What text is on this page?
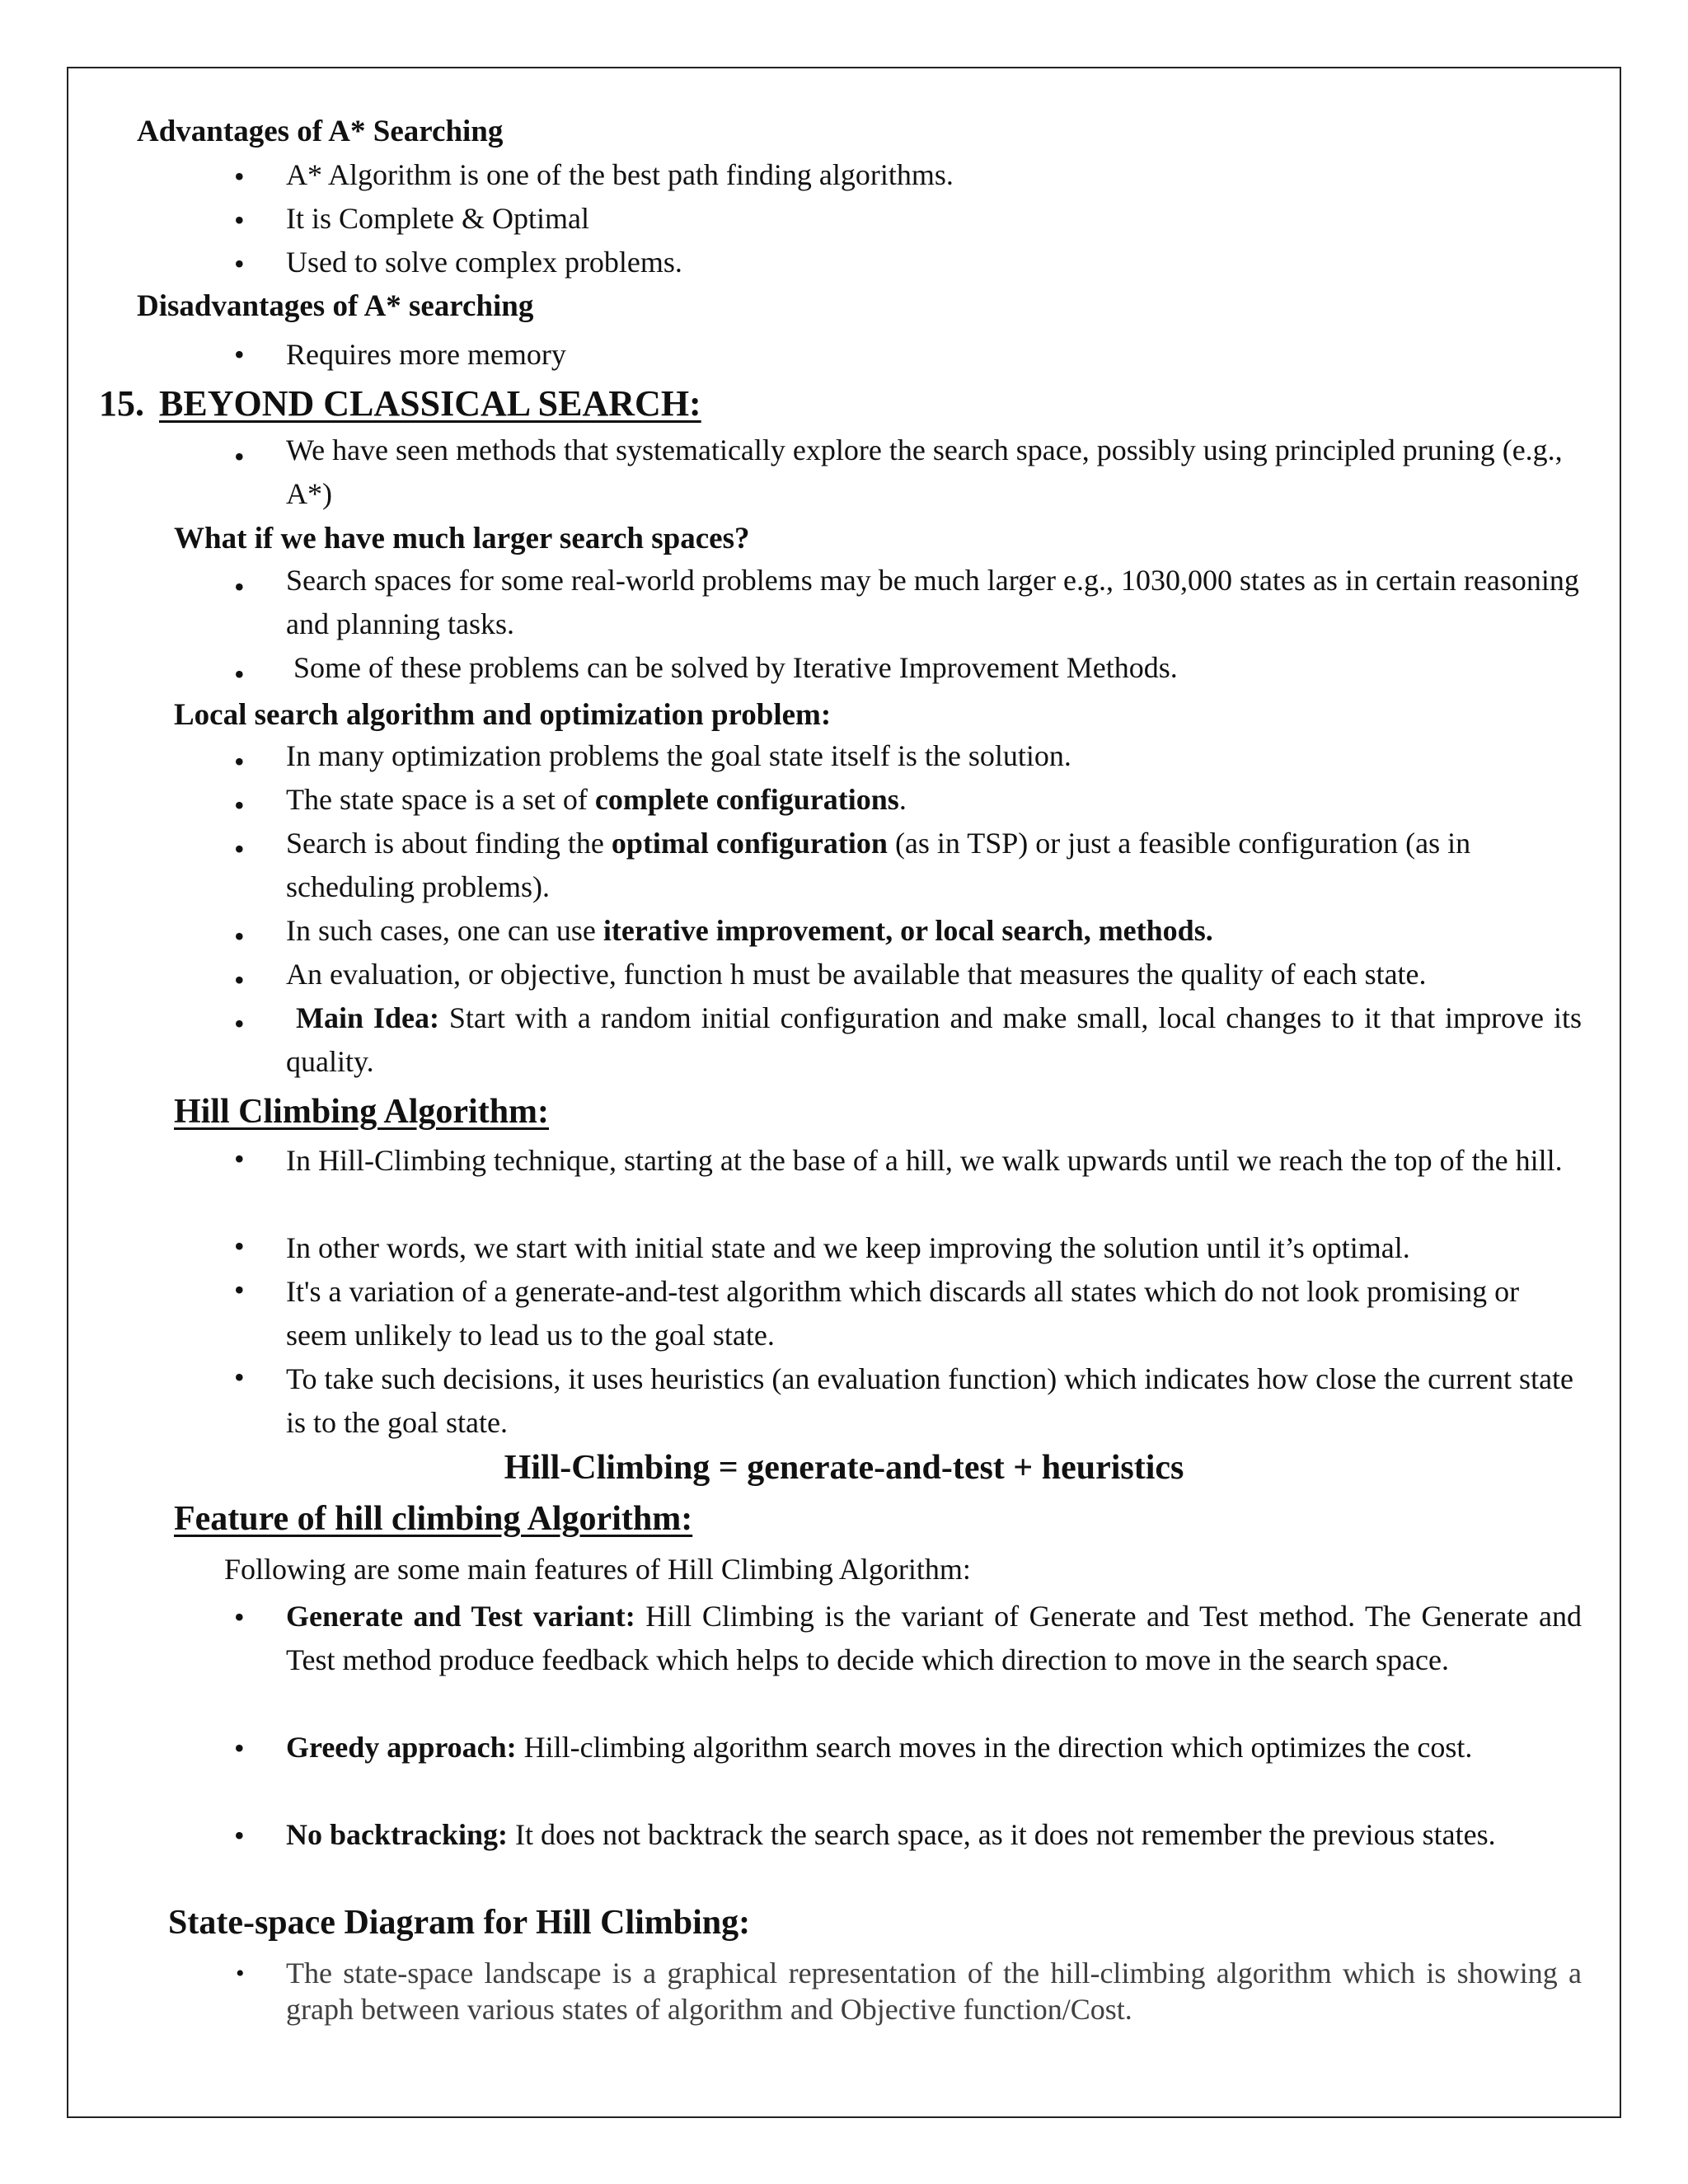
Advantages of A* Searching
• A* Algorithm is one of the best path finding algorithms.
• It is Complete & Optimal
• Used to solve complex problems.
Disadvantages of A* searching
• Requires more memory
15. BEYOND CLASSICAL SEARCH:
• We have seen methods that systematically explore the search space, possibly using principled pruning (e.g., A*)
What if we have much larger search spaces?
• Search spaces for some real-world problems may be much larger e.g., 1030,000 states as in certain reasoning and planning tasks.
• Some of these problems can be solved by Iterative Improvement Methods.
Local search algorithm and optimization problem:
• In many optimization problems the goal state itself is the solution.
• The state space is a set of complete configurations.
• Search is about finding the optimal configuration (as in TSP) or just a feasible configuration (as in scheduling problems).
• In such cases, one can use iterative improvement, or local search, methods.
• An evaluation, or objective, function h must be available that measures the quality of each state.
• Main Idea: Start with a random initial configuration and make small, local changes to it that improve its quality.
Hill Climbing Algorithm:
• In Hill-Climbing technique, starting at the base of a hill, we walk upwards until we reach the top of the hill.
• In other words, we start with initial state and we keep improving the solution until it’s optimal.
• It's a variation of a generate-and-test algorithm which discards all states which do not look promising or seem unlikely to lead us to the goal state.
• To take such decisions, it uses heuristics (an evaluation function) which indicates how close the current state is to the goal state.
Hill-Climbing = generate-and-test + heuristics
Feature of hill climbing Algorithm:
Following are some main features of Hill Climbing Algorithm:
• Generate and Test variant: Hill Climbing is the variant of Generate and Test method. The Generate and Test method produce feedback which helps to decide which direction to move in the search space.
• Greedy approach: Hill-climbing algorithm search moves in the direction which optimizes the cost.
• No backtracking: It does not backtrack the search space, as it does not remember the previous states.
State-space Diagram for Hill Climbing:
• The state-space landscape is a graphical representation of the hill-climbing algorithm which is showing a graph between various states of algorithm and Objective function/Cost.
